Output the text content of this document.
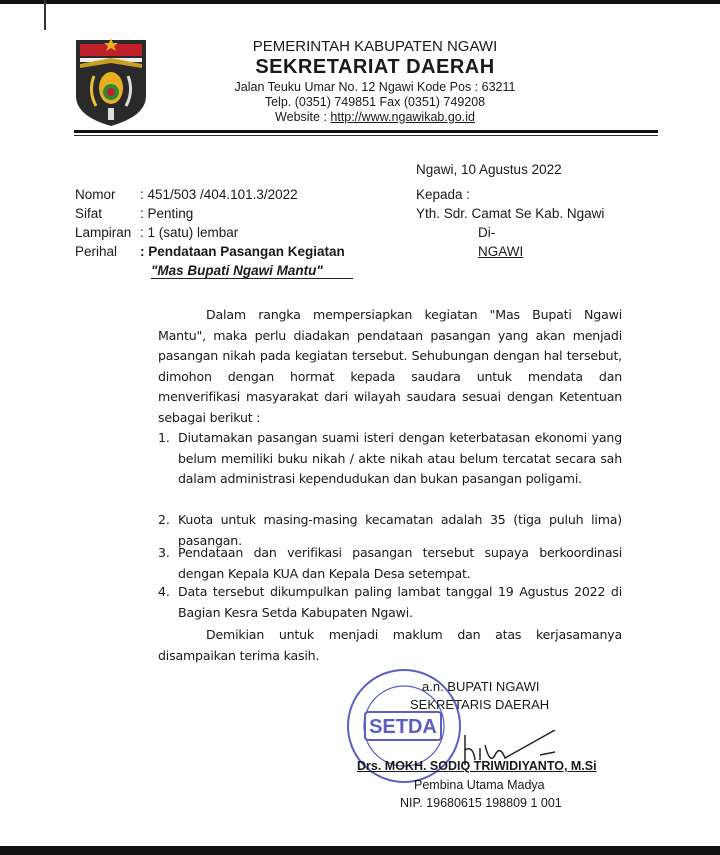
PEMERINTAH KABUPATEN NGAWI
SEKRETARIAT DAERAH
Jalan Teuku Umar No. 12 Ngawi Kode Pos : 63211
Telp. (0351) 749851 Fax (0351) 749208
Website : http://www.ngawikab.go.id
Ngawi, 10 Agustus 2022
Nomor : 451/503 /404.101.3/2022
Sifat	: Penting
Lampiran : 1 (satu) lembar
Perihal : Pendataan Pasangan Kegiatan
"Mas Bupati Ngawi Mantu"
Kepada :
Yth. Sdr. Camat Se Kab. Ngawi
Di-
NGAWI
Dalam rangka mempersiapkan kegiatan "Mas Bupati Ngawi Mantu", maka perlu diadakan pendataan pasangan yang akan menjadi pasangan nikah pada kegiatan tersebut. Sehubungan dengan hal tersebut, dimohon dengan hormat kepada saudara untuk mendata dan menverifikasi masyarakat dari wilayah saudara sesuai dengan Ketentuan sebagai berikut :
1. Diutamakan pasangan suami isteri dengan keterbatasan ekonomi yang belum memiliki buku nikah / akte nikah atau belum tercatat secara sah dalam administrasi kependudukan dan bukan pasangan poligami.
2. Kuota untuk masing-masing kecamatan adalah 35 (tiga puluh lima) pasangan.
3. Pendataan dan verifikasi pasangan tersebut supaya berkoordinasi dengan Kepala KUA dan Kepala Desa setempat.
4. Data tersebut dikumpulkan paling lambat tanggal 19 Agustus 2022 di Bagian Kesra Setda Kabupaten Ngawi.
Demikian untuk menjadi maklum dan atas kerjasamanya disampaikan terima kasih.
SETDA
a.n. BUPATI NGAWI
SEKRETARIS DAERAH
Drs. MOKH. SODIQ TRIWIDIYANTO, M.Si
Pembina Utama Madya
NIP. 19680615 198809 1 001
